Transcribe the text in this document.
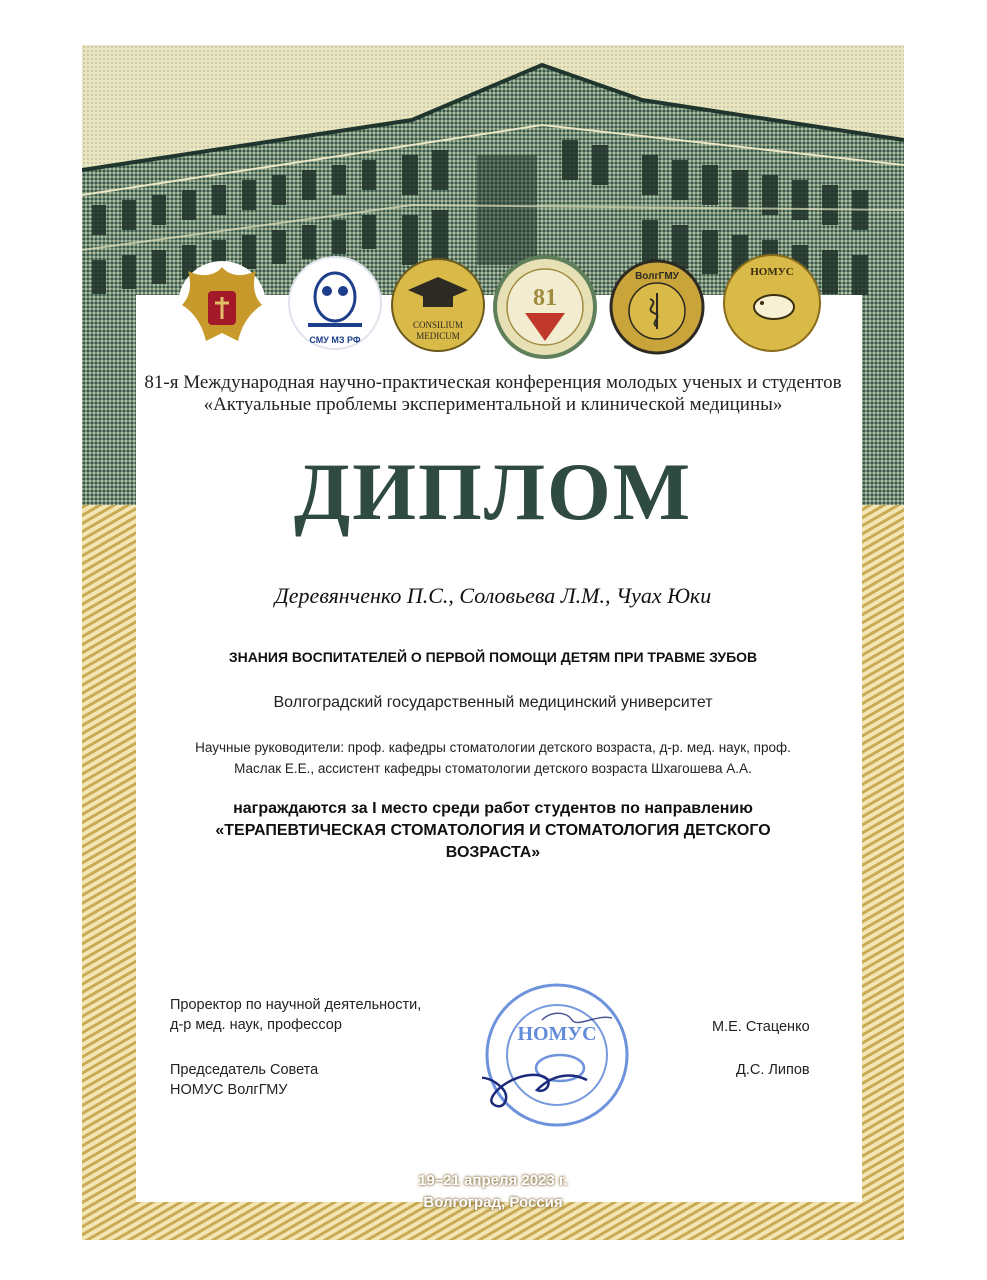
СМУ МЗ РФ
CONSILIUM
MEDICUM
81
ВолгГМУ	НОМУС
81-я Международная научно-практическая конференция молодых ученых и студентов
«Актуальные проблемы экспериментальной и клинической медицины»
ДИПЛОМ
Деревянченко П.С., Соловьева Л.М., Чуах Юки
ЗНАНИЯ ВОСПИТАТЕЛЕЙ О ПЕРВОЙ ПОМОЩИ ДЕТЯМ ПРИ ТРАВМЕ ЗУБОВ
Волгоградский государственный медицинский университет
Научные руководители: проф. кафедры стоматологии детского возраста, д-р. мед. наук, проф.
Маслак Е.Е., ассистент кафедры стоматологии детского возраста Шхагошева А.А.
награждаются за I место среди работ студентов по направлению
«ТЕРАПЕВТИЧЕСКАЯ СТОМАТОЛОГИЯ И СТОМАТОЛОГИЯ ДЕТСКОГО
ВОЗРАСТА»
НОМУС
Проректор по научной деятельности,
д-р мед. наук, профессор	М.Е. Стаценко
Председатель Совета
НОМУС ВолгГМУ
Д.С. Липов
19–21 апреля 2023 г.
Волгоград, Россия
